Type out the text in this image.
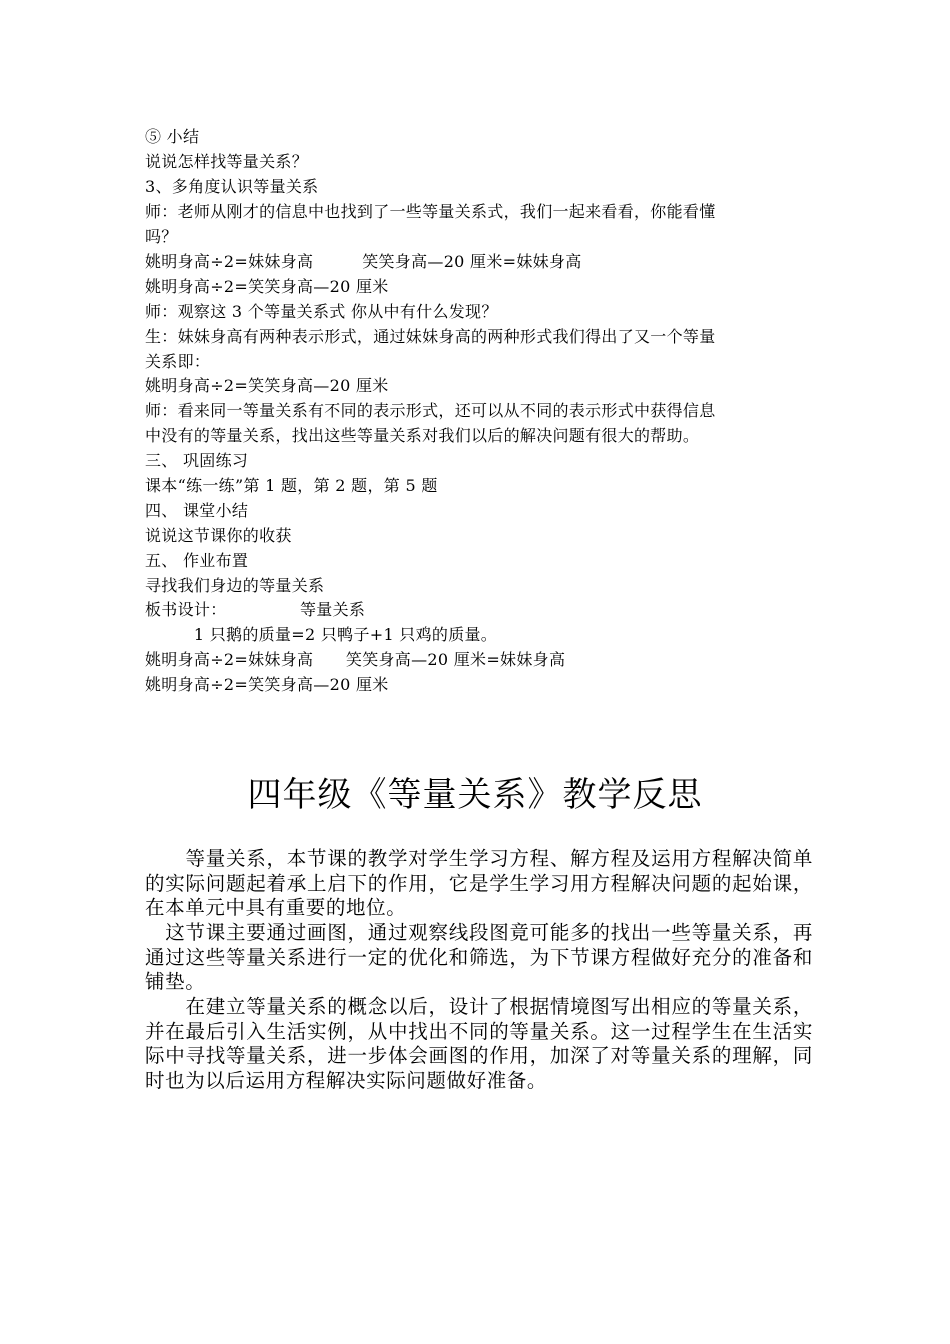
⑤ 小结
说说怎样找等量关系？
3、多角度认识等量关系
师：老师从刚才的信息中也找到了一些等量关系式，我们一起来看看，你能看懂
吗？
姚明身高÷2=妹妹身高　　　笑笑身高—20 厘米=妹妹身高
姚明身高÷2=笑笑身高—20 厘米
师：观察这 3 个等量关系式 你从中有什么发现？
生：妹妹身高有两种表示形式，通过妹妹身高的两种形式我们得出了又一个等量
关系即：
姚明身高÷2=笑笑身高—20 厘米
师：看来同一等量关系有不同的表示形式，还可以从不同的表示形式中获得信息
中没有的等量关系，找出这些等量关系对我们以后的解决问题有很大的帮助。
三、 巩固练习
课本“练一练”第 1 题，第 2 题，第 5 题
四、 课堂小结
说说这节课你的收获
五、 作业布置
寻找我们身边的等量关系
板书设计：　　　　　等量关系
　　　1 只鹅的质量=2 只鸭子+1 只鸡的质量。
姚明身高÷2=妹妹身高　　笑笑身高—20 厘米=妹妹身高
姚明身高÷2=笑笑身高—20 厘米
四年级《等量关系》教学反思

　　等量关系，本节课的教学对学生学习方程、解方程及运用方程解决简单的实际问题起着承上启下的作用，它是学生学习用方程解决问题的起始课，在本单元中具有重要的地位。

　这节课主要通过画图，通过观察线段图竟可能多的找出一些等量关系，再通过这些等量关系进行一定的优化和筛选，为下节课方程做好充分的准备和铺垫。

　　在建立等量关系的概念以后，设计了根据情境图写出相应的等量关系，并在最后引入生活实例，从中找出不同的等量关系。这一过程学生在生活实际中寻找等量关系，进一步体会画图的作用，加深了对等量关系的理解，同时也为以后运用方程解决实际问题做好准备。
